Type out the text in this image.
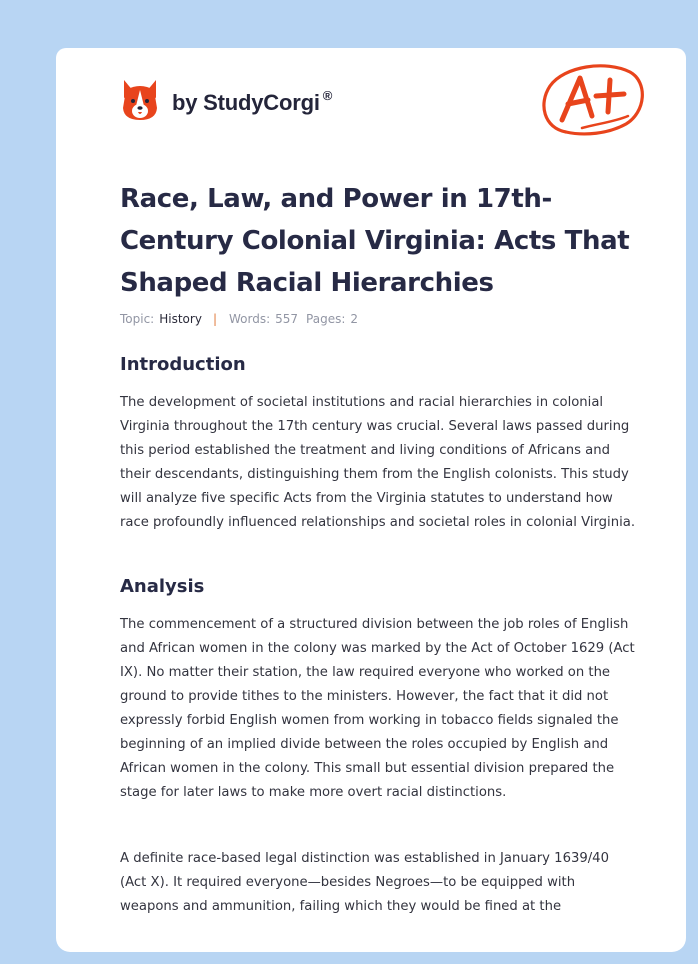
by StudyCorgi ®
Race, Law, and Power in 17th-Century Colonial Virginia: Acts That Shaped Racial Hierarchies
Topic: History | Words: 557 Pages: 2
Introduction

The development of societal institutions and racial hierarchies in colonial Virginia throughout the 17th century was crucial. Several laws passed during this period established the treatment and living conditions of Africans and their descendants, distinguishing them from the English colonists. This study will analyze five specific Acts from the Virginia statutes to understand how race profoundly influenced relationships and societal roles in colonial Virginia.

Analysis

The commencement of a structured division between the job roles of English and African women in the colony was marked by the Act of October 1629 (Act IX). No matter their station, the law required everyone who worked on the ground to provide tithes to the ministers. However, the fact that it did not expressly forbid English women from working in tobacco fields signaled the beginning of an implied divide between the roles occupied by English and African women in the colony. This small but essential division prepared the stage for later laws to make more overt racial distinctions.

A definite race-based legal distinction was established in January 1639/40 (Act X). It required everyone—besides Negroes—to be equipped with weapons and ammunition, failing which they would be fined at the
